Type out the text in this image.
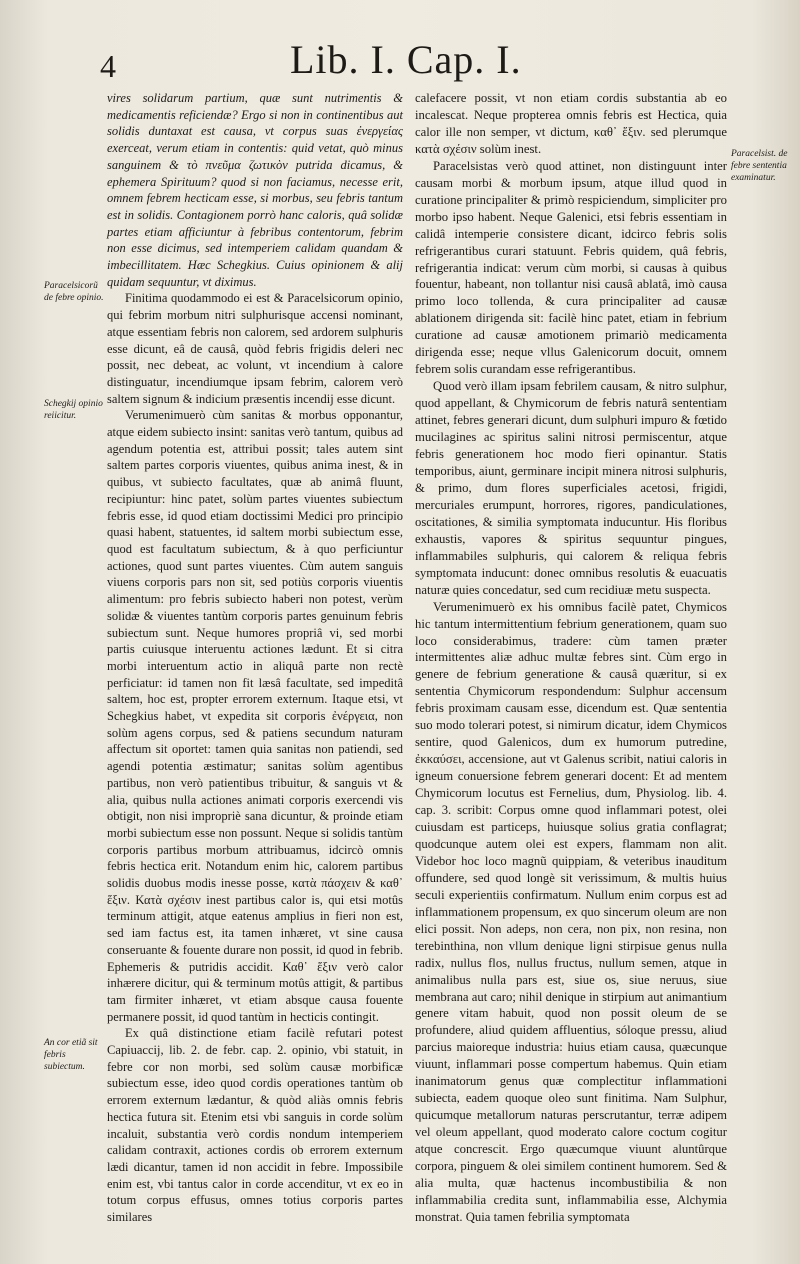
4	Lib. I. Cap. I.
Paracelsicorũ de febre opinio.
Schegkij opinio reiicitur.
An cor etiã sit febris subiectum.
Paracelsist. de febre sententia examinatur.

vires solidarum partium, quæ sunt nutrimentis & medicamentis reficiendæ? Ergo si non in continentibus aut solidis duntaxat est causa, vt corpus suas ἐνεργείας exerceat, verum etiam in contentis: quid vetat, quò minus sanguinem & τὸ πνεῦμα ζωτικὸν putrida dicamus, & ephemera Spirituum? quod si non faciamus, necesse erit, omnem febrem hecticam esse, si morbus, seu febris tantum est in solidis. Contagionem porrò hanc caloris, quâ solidæ partes etiam afficiuntur à febribus contentorum, febrim non esse dicimus, sed intemperiem calidam quandam & imbecillitatem. Hæc Schegkius. Cuius opinionem & alij quidam sequuntur, vt diximus.

Finitima quodammodo ei est & Paracelsicorum opinio, qui febrim morbum nitri sulphurisque accensi nominant, atque essentiam febris non calorem, sed ardorem sulphuris esse dicunt, eâ de causâ, quòd febris frigidis deleri nec possit, nec debeat, ac volunt, vt incendium à calore distinguatur, incendiumque ipsam febrim, calorem verò saltem signum & indicium præsentis incendij esse dicunt.

Verumenimuerò cùm sanitas & morbus opponantur, atque eidem subiecto insint: sanitas verò tantum, quibus ad agendum potentia est, attribui possit; tales autem sint saltem partes corporis viuentes, quibus anima inest, & in quibus, vt subiecto facultates, quæ ab animâ fluunt, recipiuntur: hinc patet, solùm partes viuentes subiectum febris esse, id quod etiam doctissimi Medici pro principio quasi habent, statuentes, id saltem morbi subiectum esse, quod est facultatum subiectum, & à quo perficiuntur actiones, quod sunt partes viuentes. Cùm autem sanguis viuens corporis pars non sit, sed potiùs corporis viuentis alimentum: pro febris subiecto haberi non potest, verùm solidæ & viuentes tantùm corporis partes genuinum febris subiectum sunt. Neque humores propriâ vi, sed morbi partis cuiusque interuentu actiones lædunt. Et si citra morbi interuentum actio in aliquâ parte non rectè perficiatur: id tamen non fit læsâ facultate, sed impeditâ saltem, hoc est, propter errorem externum. Itaque etsi, vt Schegkius habet, vt expedita sit corporis ἐνέργεια, non solùm agens corpus, sed & patiens secundum naturam affectum sit oportet: tamen quia sanitas non patiendi, sed agendi potentia æstimatur; sanitas solùm agentibus partibus, non verò patientibus tribuitur, & sanguis vt & alia, quibus nulla actiones animati corporis exercendi vis obtigit, non nisi impropriè sana dicuntur, & proinde etiam morbi subiectum esse non possunt. Neque si solidis tantùm corporis partibus morbum attribuamus, idcircò omnis febris hectica erit. Notandum enim hic, calorem partibus solidis duobus modis inesse posse, κατὰ πάσχειν & καθ᾽ ἕξιν. Κατὰ σχέσιν inest partibus calor is, qui etsi motûs terminum attigit, atque eatenus amplius in fieri non est, sed iam factus est, ita tamen inhæret, vt sine causa conseruante & fouente durare non possit, id quod in febrib. Ephemeris & putridis accidit. Καθ᾽ ἕξιν verò calor inhærere dicitur, qui & terminum motûs attigit, & partibus tam firmiter inhæret, vt etiam absque causa fouente permanere possit, id quod tantùm in hecticis contingit.

Ex quâ distinctione etiam facilè refutari potest Capiuaccij, lib. 2. de febr. cap. 2. opinio, vbi statuit, in febre cor non morbi, sed solùm causæ morbificæ subiectum esse, ideo quod cordis operationes tantùm ob errorem externum lædantur, & quòd aliàs omnis febris hectica futura sit. Etenim etsi vbi sanguis in corde solùm incaluit, substantia verò cordis nondum intemperiem calidam contraxit, actiones cordis ob errorem externum lædi dicantur, tamen id non accidit in febre. Impossibile enim est, vbi tantus calor in corde accenditur, vt ex eo in totum corpus effusus, omnes totius corporis partes similares

calefacere possit, vt non etiam cordis substantia ab eo incalescat. Neque propterea omnis febris est Hectica, quia calor ille non semper, vt dictum, καθ᾽ ἕξιν. sed plerumque κατὰ σχέσιν solùm inest.

Paracelsistas verò quod attinet, non distinguunt inter causam morbi & morbum ipsum, atque illud quod in curatione principaliter & primò respiciendum, simpliciter pro morbo ipso habent. Neque Galenici, etsi febris essentiam in calidâ intemperie consistere dicant, idcirco febris solis refrigerantibus curari statuunt. Febris quidem, quâ febris, refrigerantia indicat: verum cùm morbi, si causas à quibus fouentur, habeant, non tollantur nisi causâ ablatâ, imò causa primo loco tollenda, & cura principaliter ad causæ ablationem dirigenda sit: facilè hinc patet, etiam in febrium curatione ad causæ amotionem primariò medicamenta dirigenda esse; neque vllus Galenicorum docuit, omnem febrem solis curandam esse refrigerantibus.

Quod verò illam ipsam febrilem causam, & nitro sulphur, quod appellant, & Chymicorum de febris naturâ sententiam attinet, febres generari dicunt, dum sulphuri impuro & fœtido mucilagines ac spiritus salini nitrosi permiscentur, atque febris generationem hoc modo fieri opinantur. Statis temporibus, aiunt, germinare incipit minera nitrosi sulphuris, & primo, dum flores superficiales acetosi, frigidi, mercuriales erumpunt, horrores, rigores, pandiculationes, oscitationes, & similia symptomata inducuntur. His floribus exhaustis, vapores & spiritus sequuntur pingues, inflammabiles sulphuris, qui calorem & reliqua febris symptomata inducunt: donec omnibus resolutis & euacuatis naturæ quies concedatur, sed cum recidiuæ metu suspecta.

Verumenimuerò ex his omnibus facilè patet, Chymicos hic tantum intermittentium febrium generationem, quam suo loco considerabimus, tradere: cùm tamen præter intermittentes aliæ adhuc multæ febres sint. Cùm ergo in genere de febrium generatione & causâ quæritur, si ex sententia Chymicorum respondendum: Sulphur accensum febris proximam causam esse, dicendum est. Quæ sententia suo modo tolerari potest, si nimirum dicatur, idem Chymicos sentire, quod Galenicos, dum ex humorum putredine, ἐκκαύσει, accensione, aut vt Galenus scribit, natiui caloris in igneum conuersione febrem generari docent: Et ad mentem Chymicorum locutus est Fernelius, dum, Physiolog. lib. 4. cap. 3. scribit: Corpus omne quod inflammari potest, olei cuiusdam est particeps, huiusque solius gratia conflagrat; quodcunque autem olei est expers, flammam non alit. Videbor hoc loco magnũ quippiam, & veteribus inauditum offundere, sed quod longè sit verissimum, & multis huius seculi experientiis confirmatum. Nullum enim corpus est ad inflammationem propensum, ex quo sincerum oleum are non elici possit. Non adeps, non cera, non pix, non resina, non terebinthina, non vllum denique ligni stirpisue genus nulla radix, nullus flos, nullus fructus, nullum semen, atque in animalibus nulla pars est, siue os, siue neruus, siue membrana aut caro; nihil denique in stirpium aut animantium genere vitam habuit, quod non possit oleum de se profundere, aliud quidem affluentius, sóloque pressu, aliud parcius maioreque industria: huius etiam causa, quæcunque viuunt, inflammari posse compertum habemus. Quin etiam inanimatorum genus quæ complectitur inflammationi subiecta, eadem quoque oleo sunt finitima. Nam Sulphur, quicumque metallorum naturas perscrutantur, terræ adipem vel oleum appellant, quod moderato calore coctum cogitur atque concrescit. Ergo quæcumque viuunt aluntûrque corpora, pinguem & olei similem continent humorem. Sed & alia multa, quæ hactenus incombustibilia & non inflammabilia credita sunt, inflammabilia esse, Alchymia monstrat. Quia tamen febrilia symptomata
